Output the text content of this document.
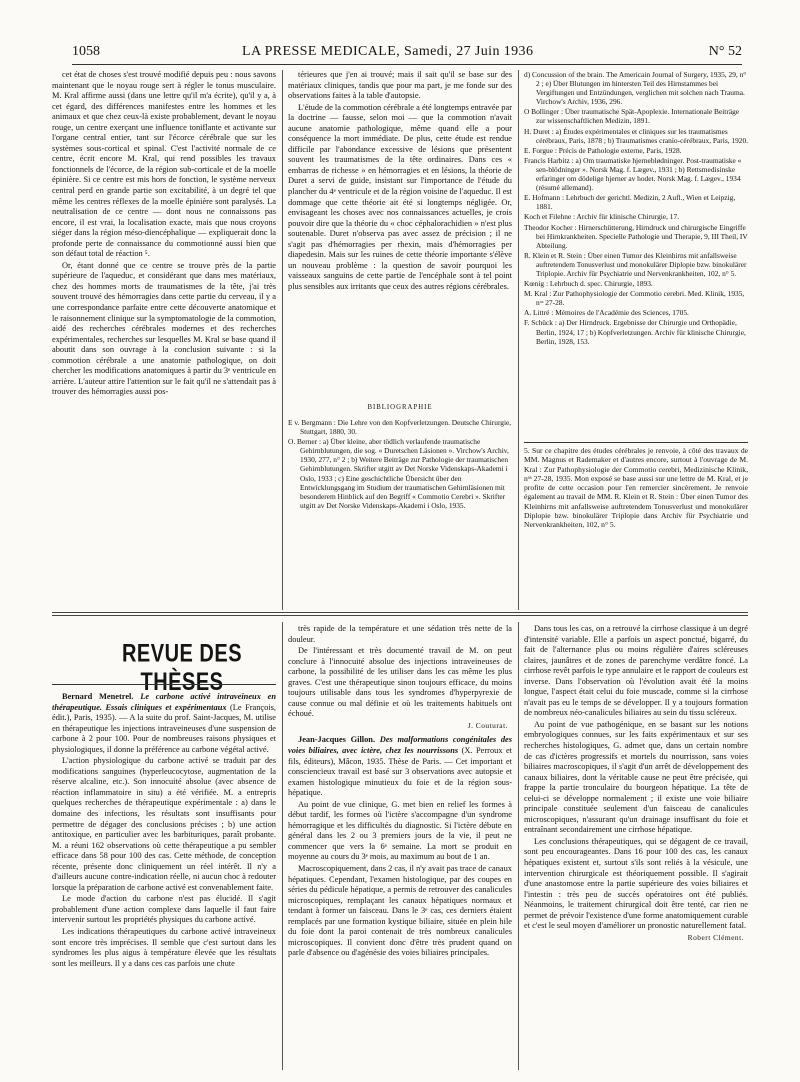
1058	LA PRESSE MEDICALE, Samedi, 27 Juin 1936	N° 52

cet état de choses s'est trouvé modifié depuis peu : nous savons maintenant que le noyau rouge sert à régler le tonus musculaire. M. Kral affirme aussi (dans une lettre qu'il m'a écrite), qu'il y a, à cet égard, des différences manifestes entre les hommes et les animaux et que chez ceux-là existe probablement, devant le noyau rouge, un centre exerçant une influence toniflante et activante sur l'organe central entier, tant sur l'écorce cérébrale que sur les systèmes sous-cortical et spinal. C'est l'activité normale de ce centre, écrit encore M. Kral, qui rend possibles les travaux fonctionnels de l'écorce, de la région sub-corticale et de la moelle épinière. Si ce centre est mis hors de fonction, le système nerveux central perd en grande partie son excitabilité, à un degré tel que même les centres réflexes de la moelle épinière sont paralysés. La neutralisation de ce centre — dont nous ne connaissons pas encore, il est vrai, la localisation exacte, mais que nous croyons siéger dans la région méso-diencéphalique — expliquerait donc la profonde perte de connaissance du commotionné aussi bien que son défaut total de réaction ⁵.

Or, étant donné que ce centre se trouve près de la partie supérieure de l'aqueduc, et considérant que dans mes matériaux, chez des hommes morts de traumatismes de la tête, j'ai très souvent trouvé des hémorragies dans cette partie du cerveau, il y a une correspondance parfaite entre cette découverte anatomique et le raisonnement clinique sur la symptomatologie de la commotion, aidé des recherches cérébrales modernes et des recherches expérimentales, recherches sur lesquelles M. Kral se base quand il aboutit dans son ouvrage à la conclusion suivante : si la commotion cérébrale a une anatomie pathologique, on doit chercher les modifications anatomiques à partir du 3ᵉ ventricule en arrière. L'auteur attire l'attention sur le fait qu'il ne s'attendait pas à trouver des hémorragies aussi pos-

térieures que j'en ai trouvé; mais il sait qu'il se base sur des matériaux cliniques, tandis que pour ma part, je me fonde sur des observations faites à la table d'autopsie.

L'étude de la commotion cérébrale a été longtemps entravée par la doctrine — fausse, selon moi — que la commotion n'avait aucune anatomie pathologique, même quand elle a pour conséquence la mort immédiate. De plus, cette étude est rendue difficile par l'abondance excessive de lésions que présentent souvent les traumatismes de la tête ordinaires. Dans ces « embarras de richesse » en hémorragies et en lésions, la théorie de Duret a servi de guide, insistant sur l'importance de l'étude du plancher du 4ᵉ ventricule et de la région voisine de l'aqueduc. Il est dommage que cette théorie ait été si longtemps négligée. Or, envisageant les choses avec nos connaissances actuelles, je crois pouvoir dire que la théorie du « choc céphalorachidien » n'est plus soutenable. Duret n'observa pas avec assez de précision ; il ne s'agit pas d'hémorragies per rhexin, mais d'hémorragies per diapedesin. Mais sur les ruines de cette théorie importante s'élève un nouveau problème : la question de savoir pourquoi les vaisseaux sanguins de cette partie de l'encéphale sont à tel point plus sensibles aux irritants que ceux des autres régions cérébrales.

BIBLIOGRAPHIE

E v. Bergmann : Die Lehre von den Kopfverletzungen. Deutsche Chirurgie, Stuttgart, 1880, 30.

O. Berner : a) Über kleine, aber tödlich verlaufende traumatische Gehirnblutungen, die sog. « Duretschen Läsionen ». Virchow's Archiv, 1930, 277, n° 2 ; b) Weitere Beiträge zur Pathologie der traumatischen Gehirnblutungen. Skrifter utgitt av Det Norske Videnskaps-Akademi i Oslo, 1933 ; c) Eine geschichtliche Übersicht über den Entwicklungsgang im Studium der traumatischen Gehirnläsionen mit besonderem Hinblick auf den Begriff « Commotio Cerebri ». Skrifter utgitt av Det Norske Videnskaps-Akademi i Oslo, 1935.

d) Concussion of the brain. The Americain Journal of Surgery, 1935, 29, n° 2 ; e) Über Blutungen im hintersten Teil des Hirnstammes bei Vergiftungen und Entzündungen, verglichen mit solchen nach Trauma. Virchow's Archiv, 1936, 296.

O Bollinger : Über traumatische Spät-Apoplexie. Internationale Beiträge zur wissenschaftlichen Medizin, 1891.

H. Duret : a) Études expérimentales et cliniques sur les traumatismes cérébraux, Paris, 1878 ; b) Traumatismes cranio-cérébraux, Paris, 1920.

E. Forgue : Précis de Pathologie externe, Paris, 1928.

Francis Harbitz : a) Om traumatiske hjerneblødninger. Post-traumatiske « sen-blödninger ». Norsk Mag. f. Lægev., 1931 ; b) Rettsmedisinske erfaringer om dödelige hjerner av hodet. Norsk Mag. f. Lægev., 1934 (résumé allemand).

E. Hofmann : Lehrbuch der gerichtl. Medizin, 2 Aufl., Wien et Leipzig, 1881.

Koch et Filehne : Archiv für klinische Chirurgie, 17.

Theodor Kocher : Hirnerschütterung, Hirndruck und chirurgische Eingriffe bei Hirnkrankheiten. Specielle Pathologie und Therapie, 9, III Theil, IV Abteilung.

R. Klein et R. Stein : Über einen Tumor des Kleinhirns mit anfallsweise auftretendem Tonusverlust und monokulärer Diplopie bzw. binokulärer Triplopie. Archiv für Psychiatrie und Nervenkrankheiten, 102, n° 5.

Kœnig : Lehrbuch d. spec. Chirurgie, 1893.

M. Kral : Zur Pathophysiologie der Commotio cerebri. Med. Klinik, 1935, nᵒˢ 27-28.

A. Littré : Mémoires de l'Académie des Sciences, 1705.

F. Schück : a) Der Hirndruck. Ergebnisse der Chirurgie und Orthopädie, Berlin, 1924, 17 ; b) Kopfverletzungen. Archiv für klinische Chirurgie, Berlin, 1928, 153.

5. Sur ce chapitre des études cérébrales je renvoie, à côté des travaux de MM. Magnus et Rademaker et d'autres encore, surtout à l'ouvrage de M. Kral : Zur Pathophysiologie der Commotio cerebri, Medizinische Klinik, nᵒˢ 27-28, 1935. Mon exposé se base aussi sur une lettre de M. Kral, et je profite de cette occasion pour l'en remercier sincèrement. Je renvoie également au travail de MM. R. Klein et R. Stein : Über einen Tumor des Kleinhirns mit anfallsweise auftretendem Tonusverlust und monokulärer Diplopie bzw. binokulärer Triplopie dans Archiv für Psychiatrie und Nervenkrankheiten, 102, n° 5.
REVUE DES THÈSES

Bernard Menetrel. Le carbone activé intraveineux en thérapeutique. Essais cliniques et expérimentaux (Le François, édit.), Paris, 1935). — A la suite du prof. Saint-Jacques, M. utilise en thérapeutique les injections intraveineuses d'une suspension de carbone à 2 pour 100. Pour de nombreuses raisons physiques et physiologiques, il donne la préférence au carbone végétal activé.

L'action physiologique du carbone activé se traduit par des modifications sanguines (hyperleucocytose, augmentation de la réserve alcaline, etc.). Son innocuité absolue (avec absence de réaction inflammatoire in situ) a été vérifiée. M. a entrepris quelques recherches de thérapeutique expérimentale : a) dans le domaine des infections, les résultats sont insuffisants pour permettre de dégager des conclusions précises ; b) une action antitoxique, en particulier avec les barbituriques, paraît probante. M. a réuni 162 observations où cette thérapeutique a pu sembler efficace dans 58 pour 100 des cas. Cette méthode, de conception récente, présente donc cliniquement un réel intérêt. Il n'y a d'ailleurs aucune contre-indication réelle, ni aucun choc à redouter lorsque la préparation de carbone activé est convenablement faite.

Le mode d'action du carbone n'est pas élucidé. Il s'agit probablement d'une action complexe dans laquelle il faut faire intervenir surtout les propriétés physiques du carbone activé.

Les indications thérapeutiques du carbone activé intraveineux sont encore très imprécises. Il semble que c'est surtout dans les syndromes les plus aigus à température élevée que les résultats sont les meilleurs. Il y a dans ces cas parfois une chute

très rapide de la température et une sédation très nette de la douleur.

De l'intéressant et très documenté travail de M. on peut conclure à l'innocuité absolue des injections intraveineuses de carbone, la possibilité de les utiliser dans les cas même les plus graves. C'est une thérapeutique sinon toujours efficace, du moins toujours utilisable dans tous les syndromes d'hyperpyrexie de cause connue ou mal définie et où les traitements habituels ont échoué.

J. Couturat.

Jean-Jacques Gillon. Des malformations congénitales des voies biliaires, avec ictère, chez les nourrissons (X. Perroux et fils, éditeurs), Mâcon, 1935. Thèse de Paris. — Cet important et consciencieux travail est basé sur 3 observations avec autopsie et examen histologique minutieux du foie et de la région sous-hépatique.

Au point de vue clinique, G. met bien en relief les formes à début tardif, les formes où l'ictère s'accompagne d'un syndrome hémorragique et les difficultés du diagnostic. Si l'ictère débute en général dans les 2 ou 3 premiers jours de la vie, il peut ne commencer que vers la 6ᵉ semaine. La mort se produit en moyenne au cours du 3ᵉ mois, au maximum au bout de 1 an.

Macroscopiquement, dans 2 cas, il n'y avait pas trace de canaux hépatiques. Cependant, l'examen histologique, par des coupes en séries du pédicule hépatique, a permis de retrouver des canalicules microscopiques, remplaçant les canaux hépatiques normaux et tendant à former un faisceau. Dans le 3ᵉ cas, ces derniers étaient remplacés par une formation kystique biliaire, située en plein hile du foie dont la paroi contenait de très nombreux canalicules microscopiques. Il convient donc d'être très prudent quand on parle d'absence ou d'agénésie des voies biliaires principales.

Dans tous les cas, on a retrouvé la cirrhose classique à un degré d'intensité variable. Elle a parfois un aspect ponctué, bigarré, du fait de l'alternance plus ou moins régulière d'aires scléreuses claires, jaunâtres et de zones de parenchyme verdâtre foncé. La cirrhose revêt parfois le type annulaire et le rapport de couleurs est inverse. Dans l'observation où l'évolution avait été la moins longue, l'aspect était celui du foie muscade, comme si la cirrhose n'avait pas eu le temps de se développer. Il y a toujours formation de nombreux néo-canalicules biliaires au sein du tissu scléreux.

Au point de vue pathogénique, en se basant sur les notions embryologiques connues, sur les faits expérimentaux et sur ses recherches histologiques, G. admet que, dans un certain nombre de cas d'ictères progressifs et mortels du nourrisson, sans voies biliaires macroscopiques, il s'agit d'un arrêt de développement des canaux biliaires, dont la véritable cause ne peut être précisée, qui frappe la partie tronculaire du bourgeon hépatique. La tête de celui-ci se développe normalement ; il existe une voie biliaire principale constituée seulement d'un faisceau de canalicules microscopiques, n'assurant qu'un drainage insuffisant du foie et entraînant secondairement une cirrhose hépatique.

Les conclusions thérapeutiques, qui se dégagent de ce travail, sont peu encourageantes. Dans 16 pour 100 des cas, les canaux hépatiques existent et, surtout s'ils sont reliés à la vésicule, une intervention chirurgicale est théoriquement possible. Il s'agirait d'une anastomose entre la partie supérieure des voies biliaires et l'intestin : très peu de succès opératoires ont été publiés. Néanmoins, le traitement chirurgical doit être tenté, car rien ne permet de prévoir l'existence d'une forme anatomiquement curable et c'est le seul moyen d'améliorer un pronostic naturellement fatal.

Robert Clément.
